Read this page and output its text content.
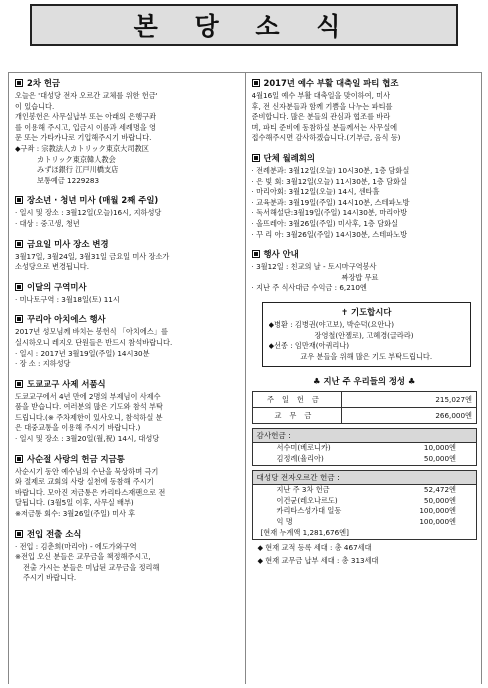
본 당 소 식
2차 헌금
오늘은 '대성당 전자 오르간 교체를 위한 헌금'
이 있습니다.
개인봉헌은 사무실납부 또는 아래의 은행구좌
를 이용해 주시고, 입금시 이름과 세례명을 영
문 또는 가타카나로 기입해주시기 바랍니다.
◆구좌 : 宗教法人カトリック東京大司教区
カトリック東京韓人教会
みずほ銀行 江戸川橋支店
보통예금 1229283
장소년 · 청년 미사 (매월 2째 주일)
· 일시 및 장소 : 3월12일(오늘)16시, 지하성당
· 대상 : 중고생, 청년
금요일 미사 장소 변경
3월17일, 3월24일, 3월31일 금요일 미사 장소가
소성당으로 변경됩니다.
이달의 구역미사
· 미나토구역 : 3월18일(토) 11시
꾸리아 아치에스 행사
2017년 성모님께 바치는 봉헌식 「아치에스」를
실시하오니 레지오 단원들은 반드시 참석바랍니다.
· 일시 : 2017년 3월19일(주일) 14시30분
· 장 소 : 지하성당
도쿄교구 사제 서품식
도쿄교구에서 4년 만에 2명의 부제님이 사제수
품을 받습니다. 여러분의 많은 기도와 참석 부탁
드립니다.(※ 주차제한이 있사오니, 참석하실 분
은 대중교통을 이용해 주시기 바랍니다.)
· 일시 및 장소 : 3월20일(월,祝) 14시, 대성당
사순절 사랑의 헌금 지금통
사순시기 동안 예수님의 수난을 묵상하며 극기
와 절제로 교회의 사랑 실천에 동참해 주시기
바랍니다. 모아진 저금통은 카리타스재팬으로 전
달됩니다. (3월5일 이후, 사무실 배부)
※저금통 회수: 3월26일(주일) 미사 후
전입 전출 소식
· 전입 : 김춘희(마리아) - 에도가와구역
※전입 오신 분들은 교무금을 책정해주시고,
전출 가시는 분들은 미납된 교무금을 정리해
주시기 바랍니다.
2017년 예수 부활 대축일 파티 협조
4월16일 예수 부활 대축일을 맞이하여, 미사
후, 전 신자분들과 함께 기쁨을 나누는 파티를
준비합니다. 많은 분들의 관심과 협조를 바라
며, 파티 준비에 동참하실 분들께서는 사무실에
접수해주시면 감사하겠습니다.(기부금, 음식 등)
단체 월례회의
· 전례분과: 3월12일(오늘) 10시30분, 1층 담화실
· 은 빛 회: 3월12일(오늘) 11시30분, 1층 담화실
· 마리아회: 3월12일(오늘) 14시, 센타홀
· 교육분과: 3월19일(주일) 14시10분, 스테파노방
· 독서해설단:3월19일(주일) 14시30분, 마리아방
· 올뜨레아: 3월26일(주일) 미사후, 1층 담화실
· 꾸 리 아: 3월26일(주일) 14시30분, 스테파노방
행사 안내
· 3월12일 : 친교의 날 - 토시마구역봉사
짜장밥 무료
· 지난 주 식사대금 수익금 : 6,210엔
✝ 기도합시다
◆병환 : 김병권(야고보), 박순덕(요안나)
장영철(안젤로), 고혜경(글라라)
◆선종 : 임만재(아퀴리나)
교우 분들을 위해 많은 기도 부탁드립니다.
♣ 지난 주 우리들의 정성 ♣
주일헌금	215,027엔
교무금	266,000엔
감사헌금 :
서수미(베로니카)	10,000엔
김정례(율리아)	50,000엔
대성당 전자오르간 헌금 :
지난 주 3차 헌금	52,472엔
이건균(레오나르도)	50,000엔
카리타스성가대 일동	100,000엔
익 명	100,000엔
[현재 누계액 1,281,676엔]
◆ 현재 교적 등록 세대 : 총 467세대
◆ 현재 교무금 납부 세대 : 총 313세대
